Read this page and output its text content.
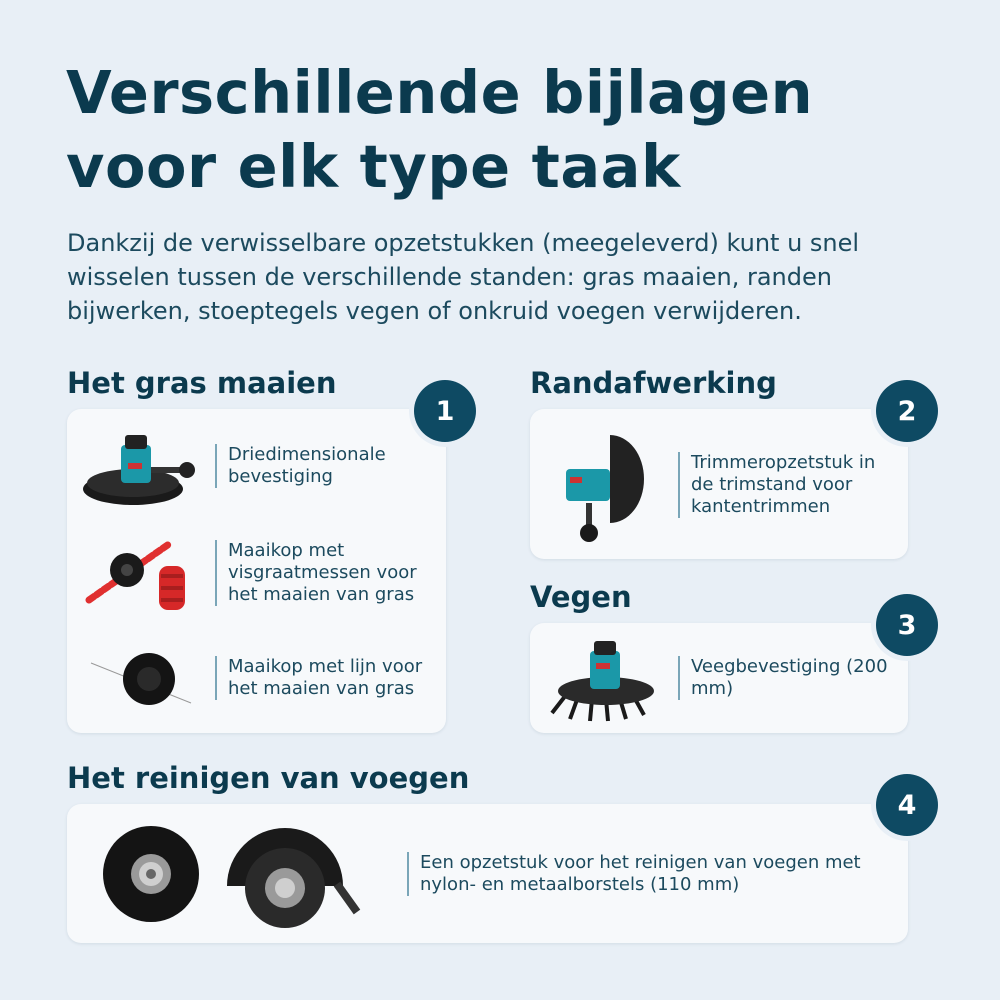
Verschillende bijlagen voor elk type taak
Dankzij de verwisselbare opzetstukken (meegeleverd) kunt u snel wisselen tussen de verschillende standen: gras maaien, randen bijwerken, stoeptegels vegen of onkruid voegen verwijderen.
Het gras maaien
Driedimensionale bevestiging
Maaikop met visgraatmessen voor het maaien van gras
Maaikop met lijn voor het maaien van gras
1
Randafwerking
Trimmeropzetstuk in de trimstand voor kantentrimmen
2
Vegen
Veegbevestiging (200 mm)
3
Het reinigen van voegen
Een opzetstuk voor het reinigen van voegen met nylon- en metaalborstels (110 mm)
4
